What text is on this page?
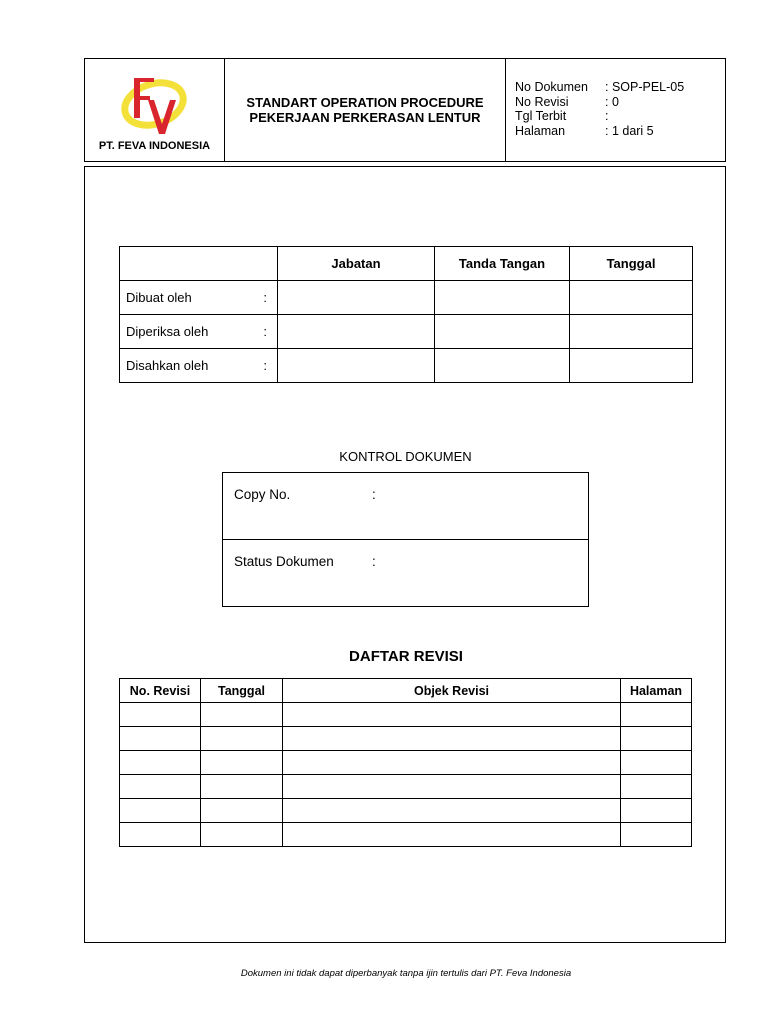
PT. FEVA INDONESIA
STANDART OPERATION PROCEDURE
PEKERJAAN PERKERASAN LENTUR
No Dokumen	: SOP-PEL-05
No Revisi	: 0
Tgl Terbit	:
Halaman	: 1 dari 5
	Jabatan	Tanda Tangan	Tanggal

Dibuat oleh :			

Diperiksa oleh :			

Disahkan oleh :			

KONTROL DOKUMEN
Copy No.	:

Status Dokumen	:
DAFTAR REVISI
No. Revisi	Tanggal	Objek Revisi	Halaman

Dokumen ini tidak dapat diperbanyak tanpa ijin tertulis dari PT. Feva Indonesia
